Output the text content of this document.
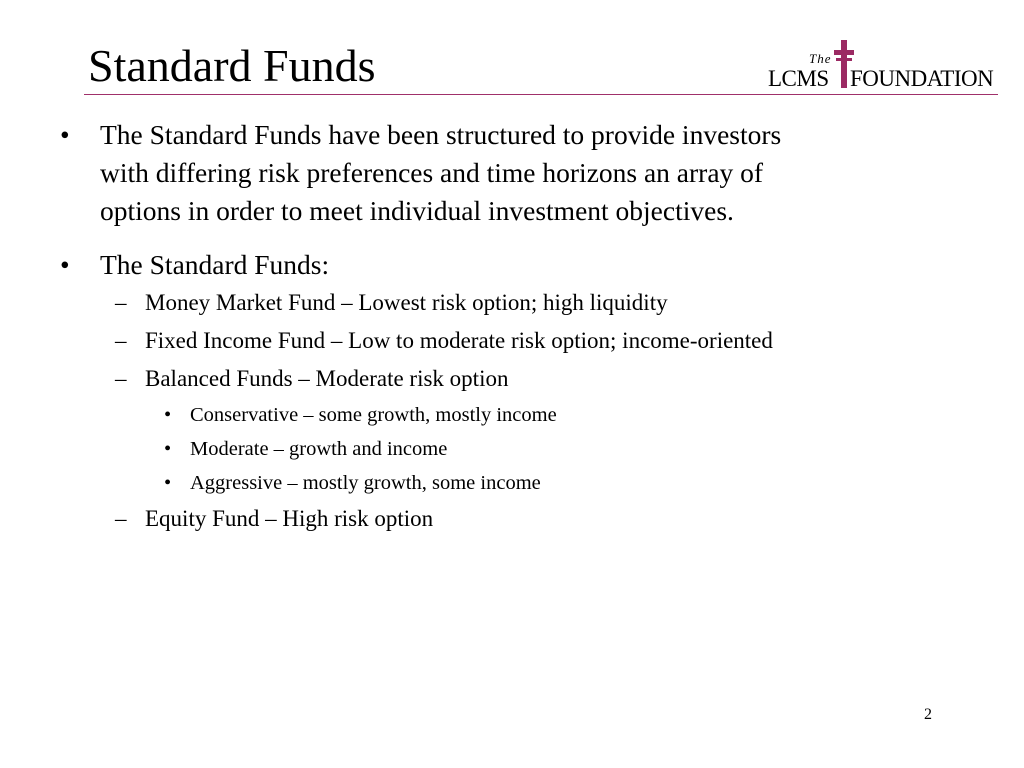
Standard Funds	The
LCMS FOUNDATION
• The Standard Funds have been structured to provide investors
with differing risk preferences and time horizons an array of
options in order to meet individual investment objectives.
• The Standard Funds:
– Money Market Fund – Lowest risk option; high liquidity
– Fixed Income Fund – Low to moderate risk option; income-oriented
– Balanced Funds – Moderate risk option
• Conservative – some growth, mostly income
• Moderate – growth and income
• Aggressive – mostly growth, some income
– Equity Fund – High risk option
2
